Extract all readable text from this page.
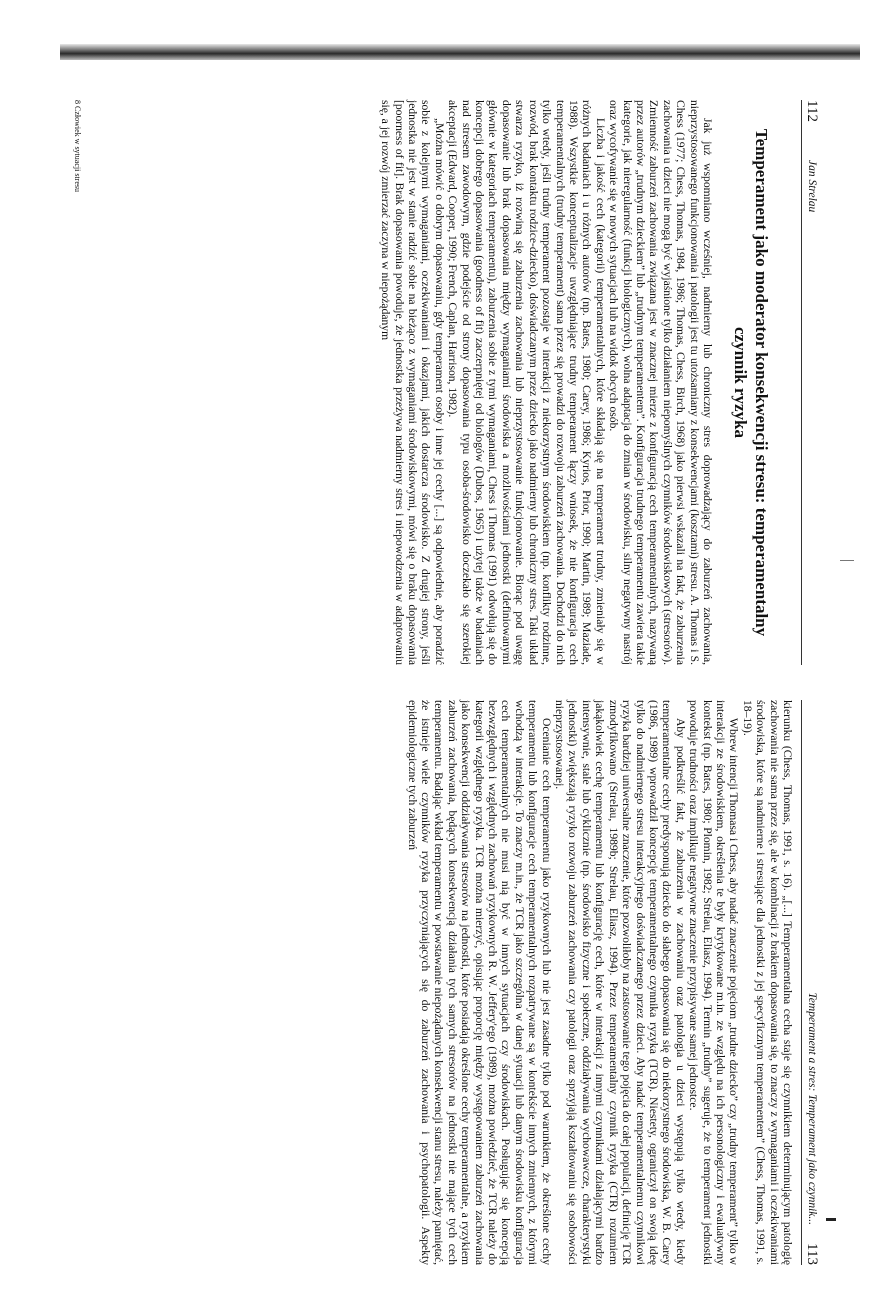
112
Jan Strelau
Temperament jako moderator konsekwencji stresu: temperamentalny czynnik ryzyka

Jak już wspomniano wcześniej, nadmierny lub chroniczny stres doprowadzający do zaburzeń zachowania, nieprzystosowanego funkcjonowania i patologii jest tu utożsamiany z konsekwencjami (kosztami) stresu. A. Thomas i S. Chess (1977; Chess, Thomas, 1984, 1986; Thomas, Chess, Birch, 1968) jako pierwsi wskazali na fakt, że zaburzenia zachowania u dzieci nie mogą być wyjaśnione tylko działaniem niepomyślnych czynników środowiskowych (stresorów). Zmienność zaburzeń zachowania związana jest w znacznej mierze z konfiguracją cech temperamentalnych, nazywaną przez autorów „trudnym dzieckiem” lub „trudnym temperamentem”. Konfiguracja trudnego temperamentu zawiera takie kategorie, jak nieregularność (funkcji biologicznych), wolna adaptacja do zmian w środowisku, silny negatywny nastrój oraz wycofywanie się w nowych sytuacjach lub na widok obcych osób.

Liczba i jakość cech (kategorii) temperamentalnych, które składają się na temperament trudny, zmieniały się w różnych badaniach i u różnych autorów (np. Bates, 1980; Carey, 1986; Kyrios, Prior, 1990; Martin, 1989; Maziade, 1988). Wszystkie konceptualizacje uwzględniające trudny temperament łączy wniosek, że nie konfiguracja cech temperamentalnych (trudny temperament) sama przez się prowadzi do rozwoju zaburzeń zachowania. Dochodzi do nich tylko wtedy, jeśli trudny temperament pozostaje w interakcji z niekorzystnym środowiskiem (np. konflikty rodzinne, rozwód, brak kontaktu rodzice-dziecko), doświadczanym przez dziecko jako nadmierny lub chroniczny stres. Taki układ stwarza ryzyko, iż rozwiną się zaburzenia zachowania lub nieprzystosowanie funkcjonowanie. Biorąc pod uwagę dopasowanie lub brak dopasowania między wymaganiami środowiska a możliwościami jednostki (definiowanymi głównie w kategoriach temperamentu), zaburzenia sobie z tymi wymaganiami, Chess i Thomas (1991) odwołują się do koncepcji dobrego dopasowania (goodness of fit) zaczerpniętej od biologów (Dubos, 1965) i użytej także w badaniach nad stresem zawodowym, gdzie podejście od strony dopasowania typu osoba-środowisko doczekało się szerokiej akceptacji (Edward, Cooper, 1990; French, Caplan, Harrison, 1982).

„Można mówić o dobrym dopasowaniu, gdy temperament osoby i inne jej cechy [...] są odpowiednie, aby poradzić sobie z kolejnymi wymaganiami, oczekiwaniami i okazjami, jakich dostarcza środowisko. Z drugiej strony, jeśli jednostka nie jest w stanie radzić sobie na bieżąco z wymaganiami środowiskowymi, mówi się o braku dopasowania [poorness of fit]. Brak dopasowania powoduje, że jednostka przeżywa nadmierny stres i niepowodzenia w adaptowaniu się, a jej rozwój zmierzać zaczyna w niepożądanym

8 Człowiek w sytuacji stresu
Temperament a stres: Temperament jako czynnik...
113

kierunku (Chess, Thomas, 1991, s. 16). „[...] Temperamentalna cecha staje się czynnikiem determinującym patologię zachowania nie sama przez się, ale w kombinacji z brakiem dopasowania się, to znaczy z wymaganiami i oczekiwaniami środowiska, które są nadmierne i stresujące dla jednostki z jej specyficznym temperamentem” (Chess, Thomas, 1991, s. 18–19).

Wbrew intencji Thomasa i Chess, aby nadać znaczenie pojęciom „trudne dziecko” czy „trudny temperament” tylko w interakcji ze środowiskiem, określenia te były krytykowane m.in. ze względu na ich personologiczny i ewaluatywny kontekst (np. Bates, 1980; Plomin, 1982; Strelau, Eliasz, 1994). Termin „trudny” sugeruje, że to temperament jednostki powoduje trudności oraz implikuje negatywne znaczenie przypisywane samej jednostce.

Aby podkreślić fakt, że zaburzenia w zachowaniu oraz patologia u dzieci występują tylko wtedy, kiedy temperamentalne cechy predysponują dziecko do słabego dopasowania się do niekorzystnego środowiska, W. B. Carey (1986, 1989) wprowadził koncepcję temperamentalnego czynnika ryzyka (TCR). Niestety, ograniczył on swoją ideę tylko do nadmiernego stresu interakcyjnego doświadczanego przez dzieci. Aby nadać temperamentalnemu czynnikowi ryzyka bardziej uniwersalne znaczenie, które pozwoliłoby na zastosowanie tego pojęcia do całej populacji, definicję TCR zmodyfikowano (Strelau, 1989b; Strelau, Eliasz, 1994). Przez temperamentalny czynnik ryzyka (CTR) rozumiem jakąkolwiek cechę temperamentu lub konfigurację cech, które w interakcji z innymi czynnikami działającymi bardzo intensywnie, stale lub cyklicznie (np. środowisko fizyczne i społeczne, oddziaływania wychowawcze, charakterystyki jednostki) zwiększają ryzyko rozwoju zaburzeń zachowania czy patologii oraz sprzyjają kształtowaniu się osobowości nieprzystosowanej.

Ocenianie cech temperamentu jako ryzykownych lub nie jest zasadne tylko pod warunkiem, że określone cechy temperamentu lub konfiguracje cech temperamentalnych rozpatrywane są w kontekście innych zmiennych, z którymi wchodzą w interakcje. To znaczy m.in., że TCR jako szczególna w danej sytuacji lub danym środowisku konfiguracja cech temperamentalnych nie musi nią być w innych sytuacjach czy środowiskach. Posługując się koncepcją bezwzględnych i względnych zachowań ryzykownych R. W. Jeffery'ego (1989), można powiedzieć, że TCR należy do kategorii względnego ryzyka. TCR można mierzyć, opisując proporcję między występowaniem zaburzeń zachowania jako konsekwencji oddziaływania stresorów na jednostki, które posiadają określone cechy temperamentalne, a ryzykiem zaburzeń zachowania, będących konsekwencją działania tych samych stresorów na jednostki nie mające tych cech temperamentu. Badając wkład temperamentu w powstawanie niepożądanych konsekwencji stanu stresu, należy pamiętać, że istnieje wiele czynników ryzyka przyczyniających się do zaburzeń zachowania i psychopatologii. Aspekty epidemiologiczne tych zaburzeń
